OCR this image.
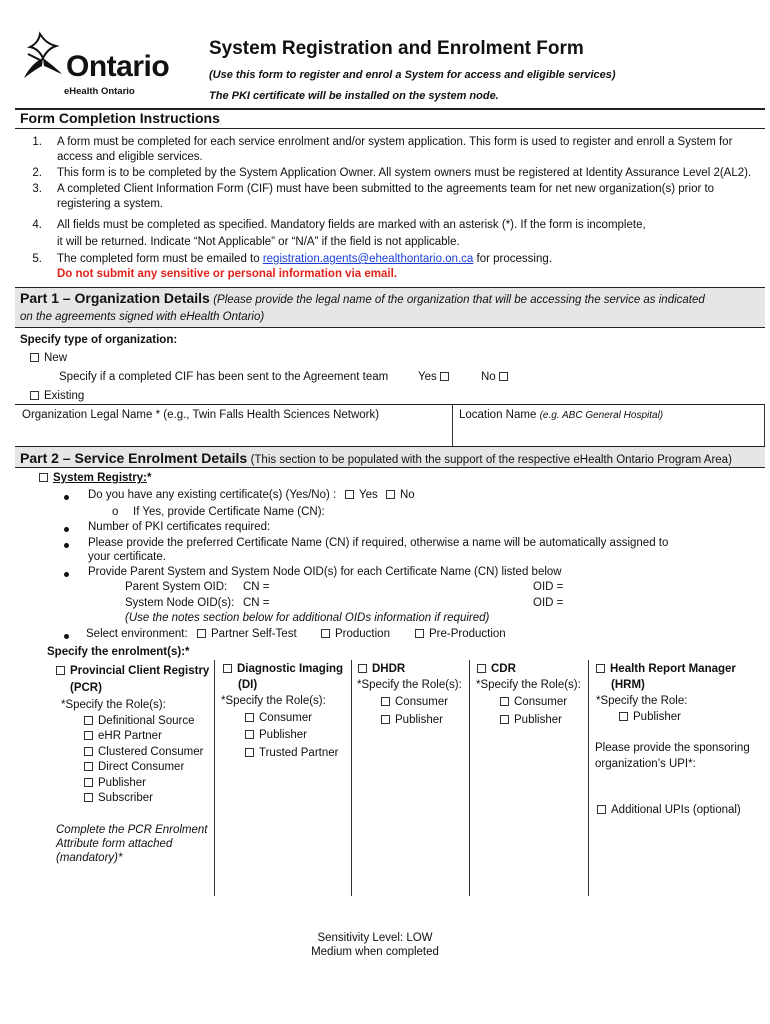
Ontario
eHealth Ontario
System Registration and Enrolment Form
(Use this form to register and enrol a System for access and eligible services)
The PKI certificate will be installed on the system node.
Form Completion Instructions
1. A form must be completed for each service enrolment and/or system application. This form is used to register and enroll a System for
access and eligible services.
2. This form is to be completed by the System Application Owner. All system owners must be registered at Identity Assurance Level 2(AL2).
3. A completed Client Information Form (CIF) must have been submitted to the agreements team for net new organization(s) prior to
registering a system.
4. All fields must be completed as specified. Mandatory fields are marked with an asterisk (*). If the form is incomplete,
it will be returned. Indicate “Not Applicable” or “N/A” if the field is not applicable.
5. The completed form must be emailed to registration.agents@ehealthontario.on.ca for processing.
Do not submit any sensitive or personal information via email.
Part 1 – Organization Details (Please provide the legal name of the organization that will be accessing the service as indicated
on the agreements signed with eHealth Ontario)
Specify type of organization:
New
Specify if a completed CIF has been sent to the Agreement team	Yes	No
Existing
Organization Legal Name * (e.g., Twin Falls Health Sciences Network)	Location Name (e.g. ABC General Hospital)
Part 2 – Service Enrolment Details (This section to be populated with the support of the respective eHealth Ontario Program Area)
System Registry:*
Do you have any existing certificate(s) (Yes/No) :	Yes	No
o If Yes, provide Certificate Name (CN):
Number of PKI certificates required:
Please provide the preferred Certificate Name (CN) if required, otherwise a name will be automatically assigned to
your certificate.
Provide Parent System and System Node OID(s) for each Certificate Name (CN) listed below
Parent System OID: CN =	OID =
System Node OID(s): CN =	OID =
(Use the notes section below for additional OIDs information if required)
Select environment:	Partner Self-Test	Production	Pre-Production
Specify the enrolment(s):*
Provincial Client Registry
(PCR)
*Specify the Role(s):
Definitional Source
eHR Partner
Clustered Consumer
Direct Consumer
Publisher
Subscriber
Complete the PCR Enrolment
Attribute form attached
(mandatory)*
Diagnostic Imaging
(DI)
*Specify the Role(s):
Consumer
Publisher
Trusted Partner
DHDR
*Specify the Role(s):
Consumer
Publisher
CDR
*Specify the Role(s):
Consumer
Publisher
Health Report Manager
(HRM)
*Specify the Role:
Publisher
Please provide the sponsoring
organization’s UPI*:
Additional UPIs (optional)
Sensitivity Level: LOW
Medium when completed
